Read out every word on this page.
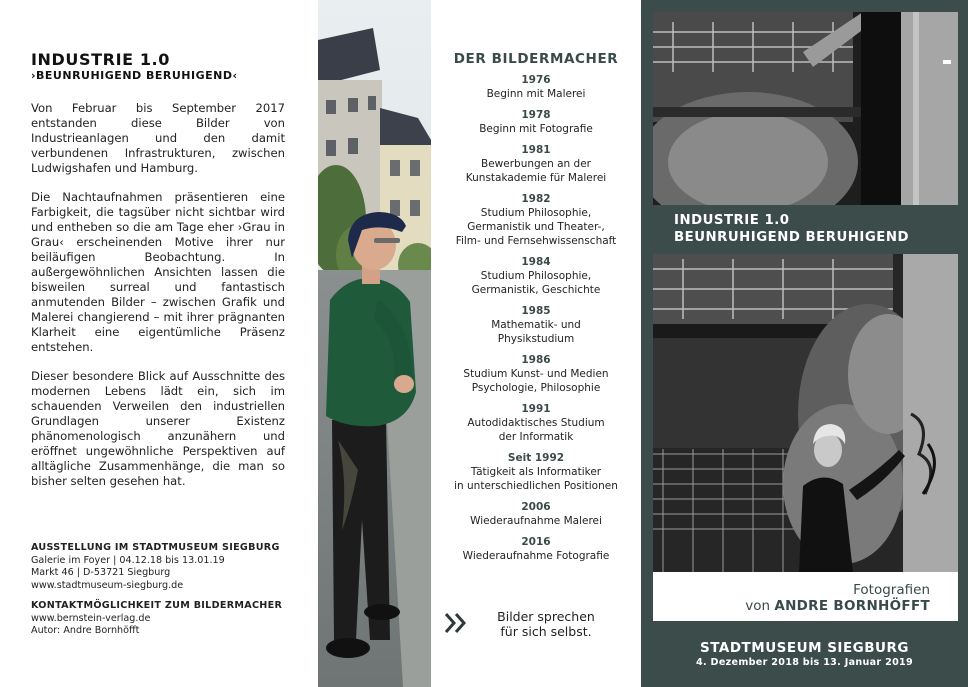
INDUSTRIE 1.0
›BEUNRUHIGEND BERUHIGEND‹

Von Februar bis September 2017 entstanden diese Bilder von Industrieanlagen und den damit verbundenen Infrastrukturen, zwischen Ludwigshafen und Hamburg.

Die Nachtaufnahmen präsentieren eine Farbigkeit, die tagsüber nicht sichtbar wird und entheben so die am Tage eher ›Grau in Grau‹ erscheinenden Motive ihrer nur beiläufigen Beobachtung. In außergewöhnlichen Ansichten lassen die bisweilen surreal und fantastisch anmutenden Bilder – zwischen Grafik und Malerei changierend – mit ihrer prägnanten Klarheit eine eigentümliche Präsenz entstehen.

Dieser besondere Blick auf Ausschnitte des modernen Lebens lädt ein, sich im schauenden Verweilen den industriellen Grundlagen unserer Existenz phänomenologisch anzunähern und eröffnet ungewöhnliche Perspektiven auf alltägliche Zusammenhänge, die man so bisher selten gesehen hat.

AUSSTELLUNG IM STADTMUSEUM SIEGBURG
Galerie im Foyer | 04.12.18 bis 13.01.19
Markt 46 | D-53721 Siegburg
www.stadtmuseum-siegburg.de
KONTAKTMÖGLICHKEIT ZUM BILDERMACHER
www.bernstein-verlag.de
Autor: Andre Bornhöfft
DER BILDERMACHER
1976
Beginn mit Malerei
1978
Beginn mit Fotografie
1981
Bewerbungen an der
Kunstakademie für Malerei
1982
Studium Philosophie,
Germanistik und Theater-,
Film- und Fernsehwissenschaft
1984
Studium Philosophie,
Germanistik, Geschichte
1985
Mathematik- und
Physikstudium
1986
Studium Kunst- und Medien
Psychologie, Philosophie
1991
Autodidaktisches Studium
der Informatik
Seit 1992
Tätigkeit als Informatiker
in unterschiedlichen Positionen
2006
Wiederaufnahme Malerei
2016
Wiederaufnahme Fotografie
Bilder sprechen
für sich selbst.
INDUSTRIE 1.0
BEUNRUHIGEND BERUHIGEND
Fotografien
von ANDRE BORNHÖFFT
STADTMUSEUM SIEGBURG
4. Dezember 2018 bis 13. Januar 2019
